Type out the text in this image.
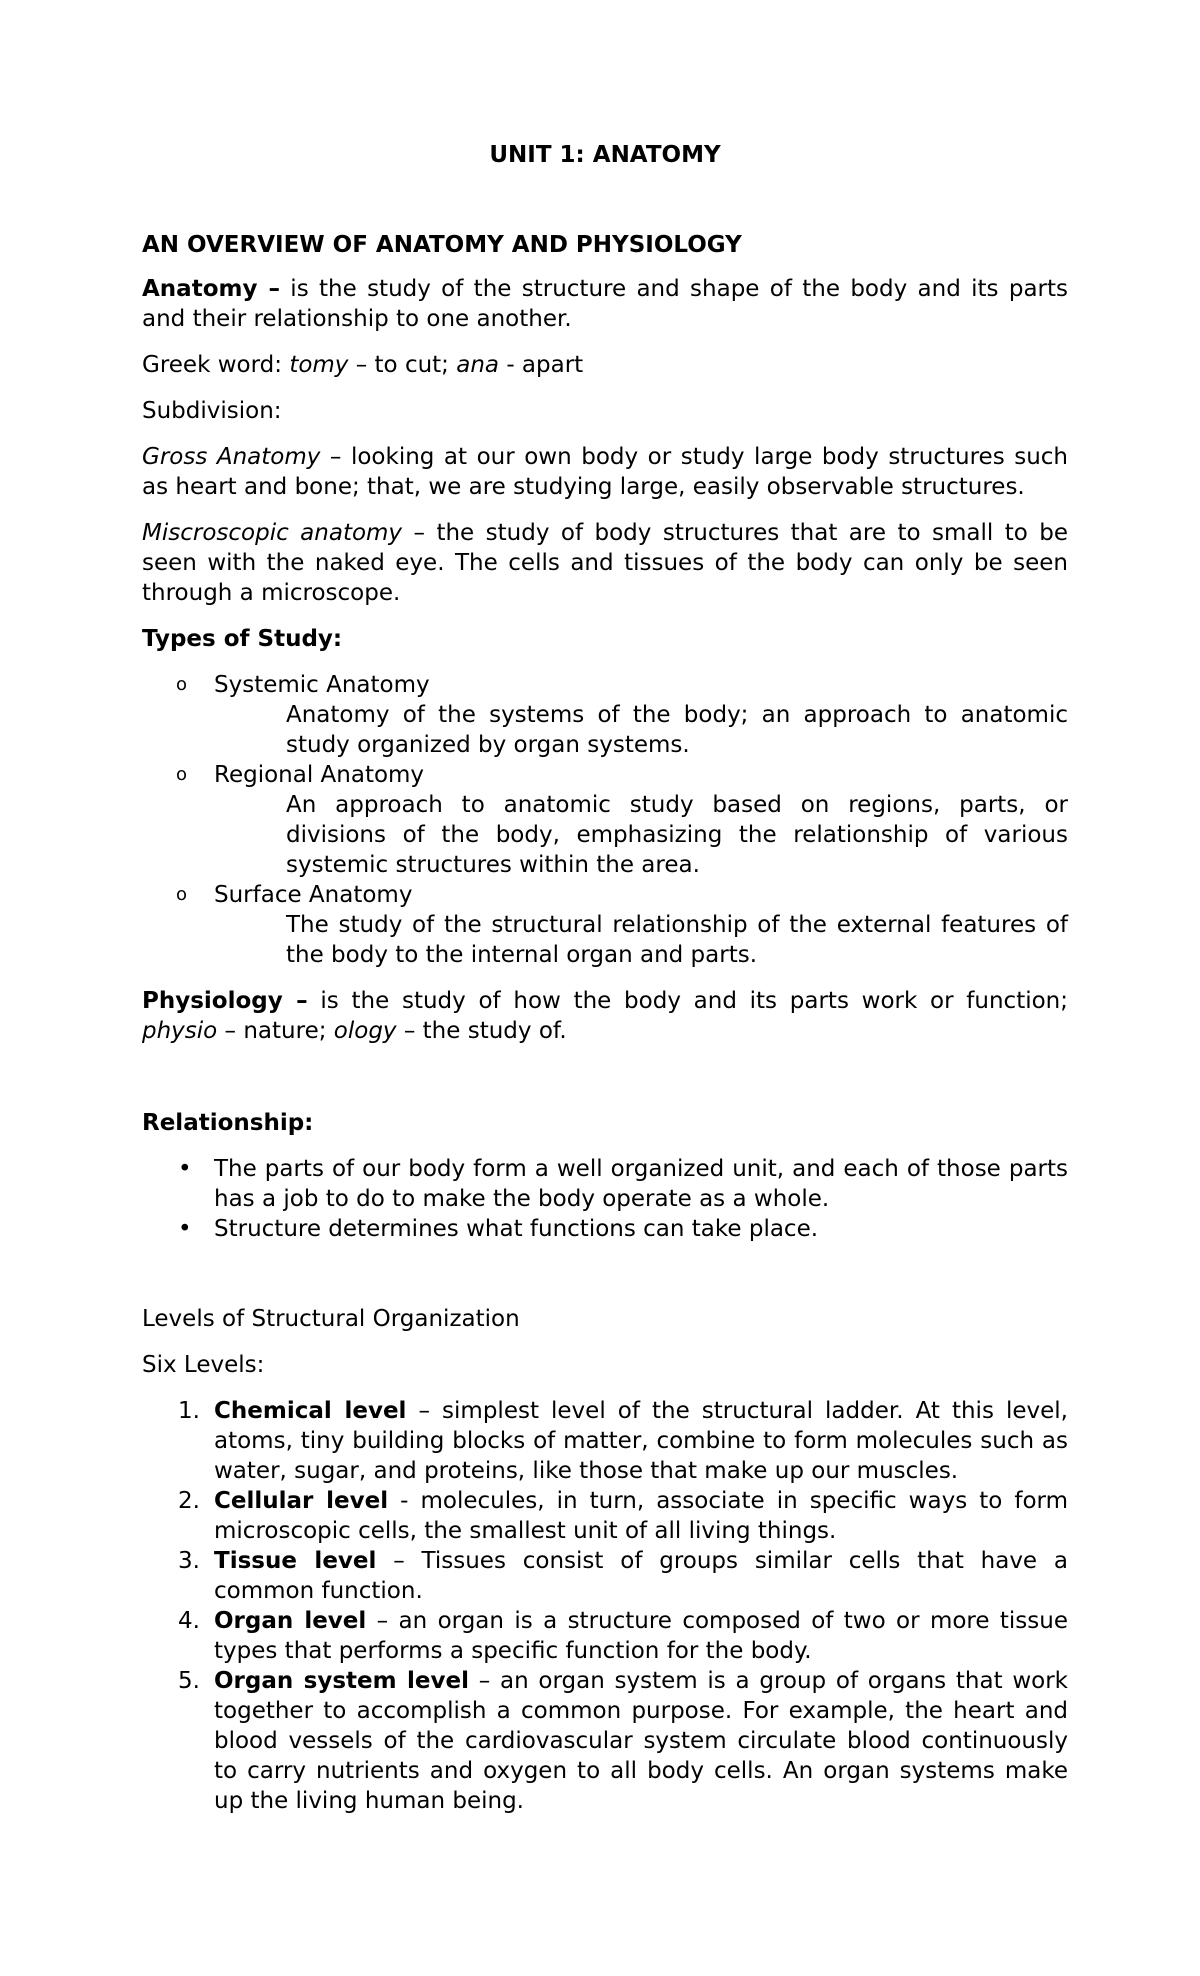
UNIT 1: ANATOMY

AN OVERVIEW OF ANATOMY AND PHYSIOLOGY

Anatomy – is the study of the structure and shape of the body and its parts and their relationship to one another.

Greek word: tomy – to cut; ana - apart

Subdivision:

Gross Anatomy – looking at our own body or study large body structures such as heart and bone; that, we are studying large, easily observable structures.

Miscroscopic anatomy – the study of body structures that are to small to be seen with the naked eye. The cells and tissues of the body can only be seen through a microscope.

Types of Study:

o Systemic Anatomy
Anatomy of the systems of the body; an approach to anatomic study organized by organ systems.
o Regional Anatomy
An approach to anatomic study based on regions, parts, or divisions of the body, emphasizing the relationship of various systemic structures within the area.
o Surface Anatomy
The study of the structural relationship of the external features of the body to the internal organ and parts.

Physiology – is the study of how the body and its parts work or function; physio – nature; ology – the study of.

Relationship:

• The parts of our body form a well organized unit, and each of those parts has a job to do to make the body operate as a whole.
• Structure determines what functions can take place.

Levels of Structural Organization

Six Levels:

1. Chemical level – simplest level of the structural ladder. At this level, atoms, tiny building blocks of matter, combine to form molecules such as water, sugar, and proteins, like those that make up our muscles.
2. Cellular level - molecules, in turn, associate in specific ways to form microscopic cells, the smallest unit of all living things.
3. Tissue level – Tissues consist of groups similar cells that have a common function.
4. Organ level – an organ is a structure composed of two or more tissue types that performs a specific function for the body.
5. Organ system level – an organ system is a group of organs that work together to accomplish a common purpose. For example, the heart and blood vessels of the cardiovascular system circulate blood continuously to carry nutrients and oxygen to all body cells. An organ systems make up the living human being.
